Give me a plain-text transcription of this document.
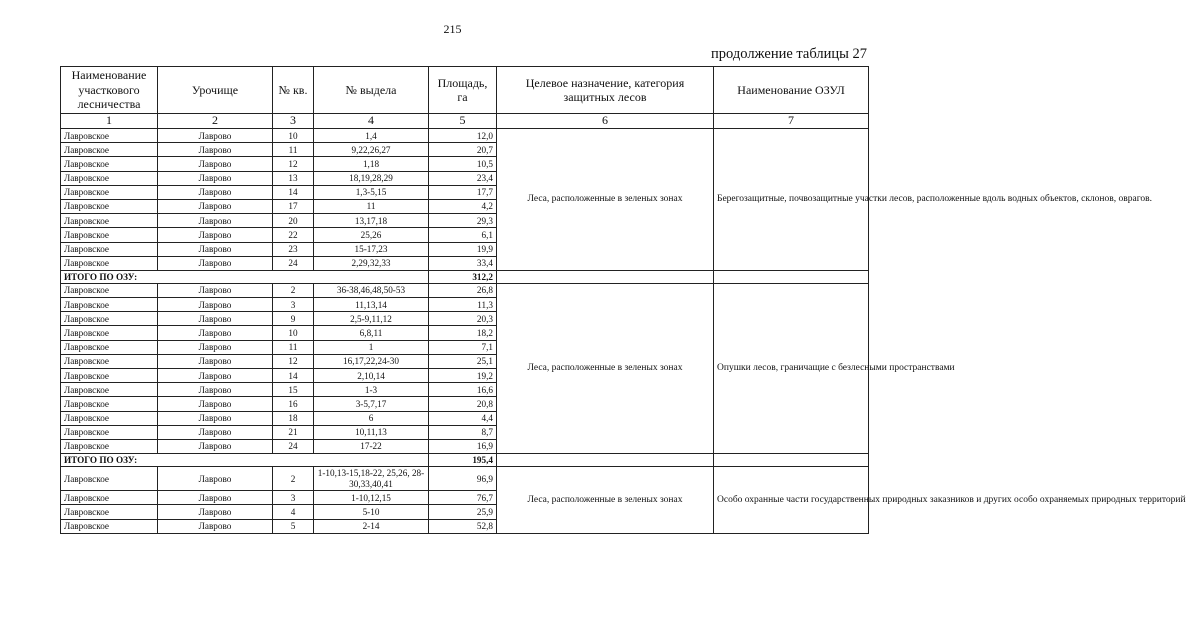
215
продолжение таблицы 27
Наименование участкового лесничества	Урочище	№ кв.	№ выдела	Площадь, га	Целевое назначение, категория защитных лесов	Наименование ОЗУЛ
1	2	3	4	5	6	7
Лавровское	Лаврово	10	1,4	12,0	Леса, расположенные в зеленых зонах	Берегозащитные, почвозащитные участки лесов, расположенные вдоль водных объектов, склонов, оврагов.
Лавровское	Лаврово	11	9,22,26,27	20,7		
Лавровское	Лаврово	12	1,18	10,5		
Лавровское	Лаврово	13	18,19,28,29	23,4		
Лавровское	Лаврово	14	1,3-5,15	17,7		
Лавровское	Лаврово	17	11	4,2		
Лавровское	Лаврово	20	13,17,18	29,3		
Лавровское	Лаврово	22	25,26	6,1		
Лавровское	Лаврово	23	15-17,23	19,9		
Лавровское	Лаврово	24	2,29,32,33	33,4		
ИТОГО ПО ОЗУ:				312,2		
Лавровское	Лаврово	2	36-38,46,48,50-53	26,8	Леса, расположенные в зеленых зонах	Опушки лесов, граничащие с безлесными пространствами
Лавровское	Лаврово	3	11,13,14	11,3		
Лавровское	Лаврово	9	2,5-9,11,12	20,3		
Лавровское	Лаврово	10	6,8,11	18,2		
Лавровское	Лаврово	11	1	7,1		
Лавровское	Лаврово	12	16,17,22,24-30	25,1		
Лавровское	Лаврово	14	2,10,14	19,2		
Лавровское	Лаврово	15	1-3	16,6		
Лавровское	Лаврово	16	3-5,7,17	20,8		
Лавровское	Лаврово	18	6	4,4		
Лавровское	Лаврово	21	10,11,13	8,7		
Лавровское	Лаврово	24	17-22	16,9		
ИТОГО ПО ОЗУ:				195,4		
Лавровское	Лаврово	2	1-10,13-15,18-22, 25,26, 28-30,33,40,41	96,9	Леса, расположенные в зеленых зонах	Особо охранные части государственных природных заказников и других особо охраняемых природных территорий
Лавровское	Лаврово	3	1-10,12,15	76,7		
Лавровское	Лаврово	4	5-10	25,9		
Лавровское	Лаврово	5	2-14	52,8		
